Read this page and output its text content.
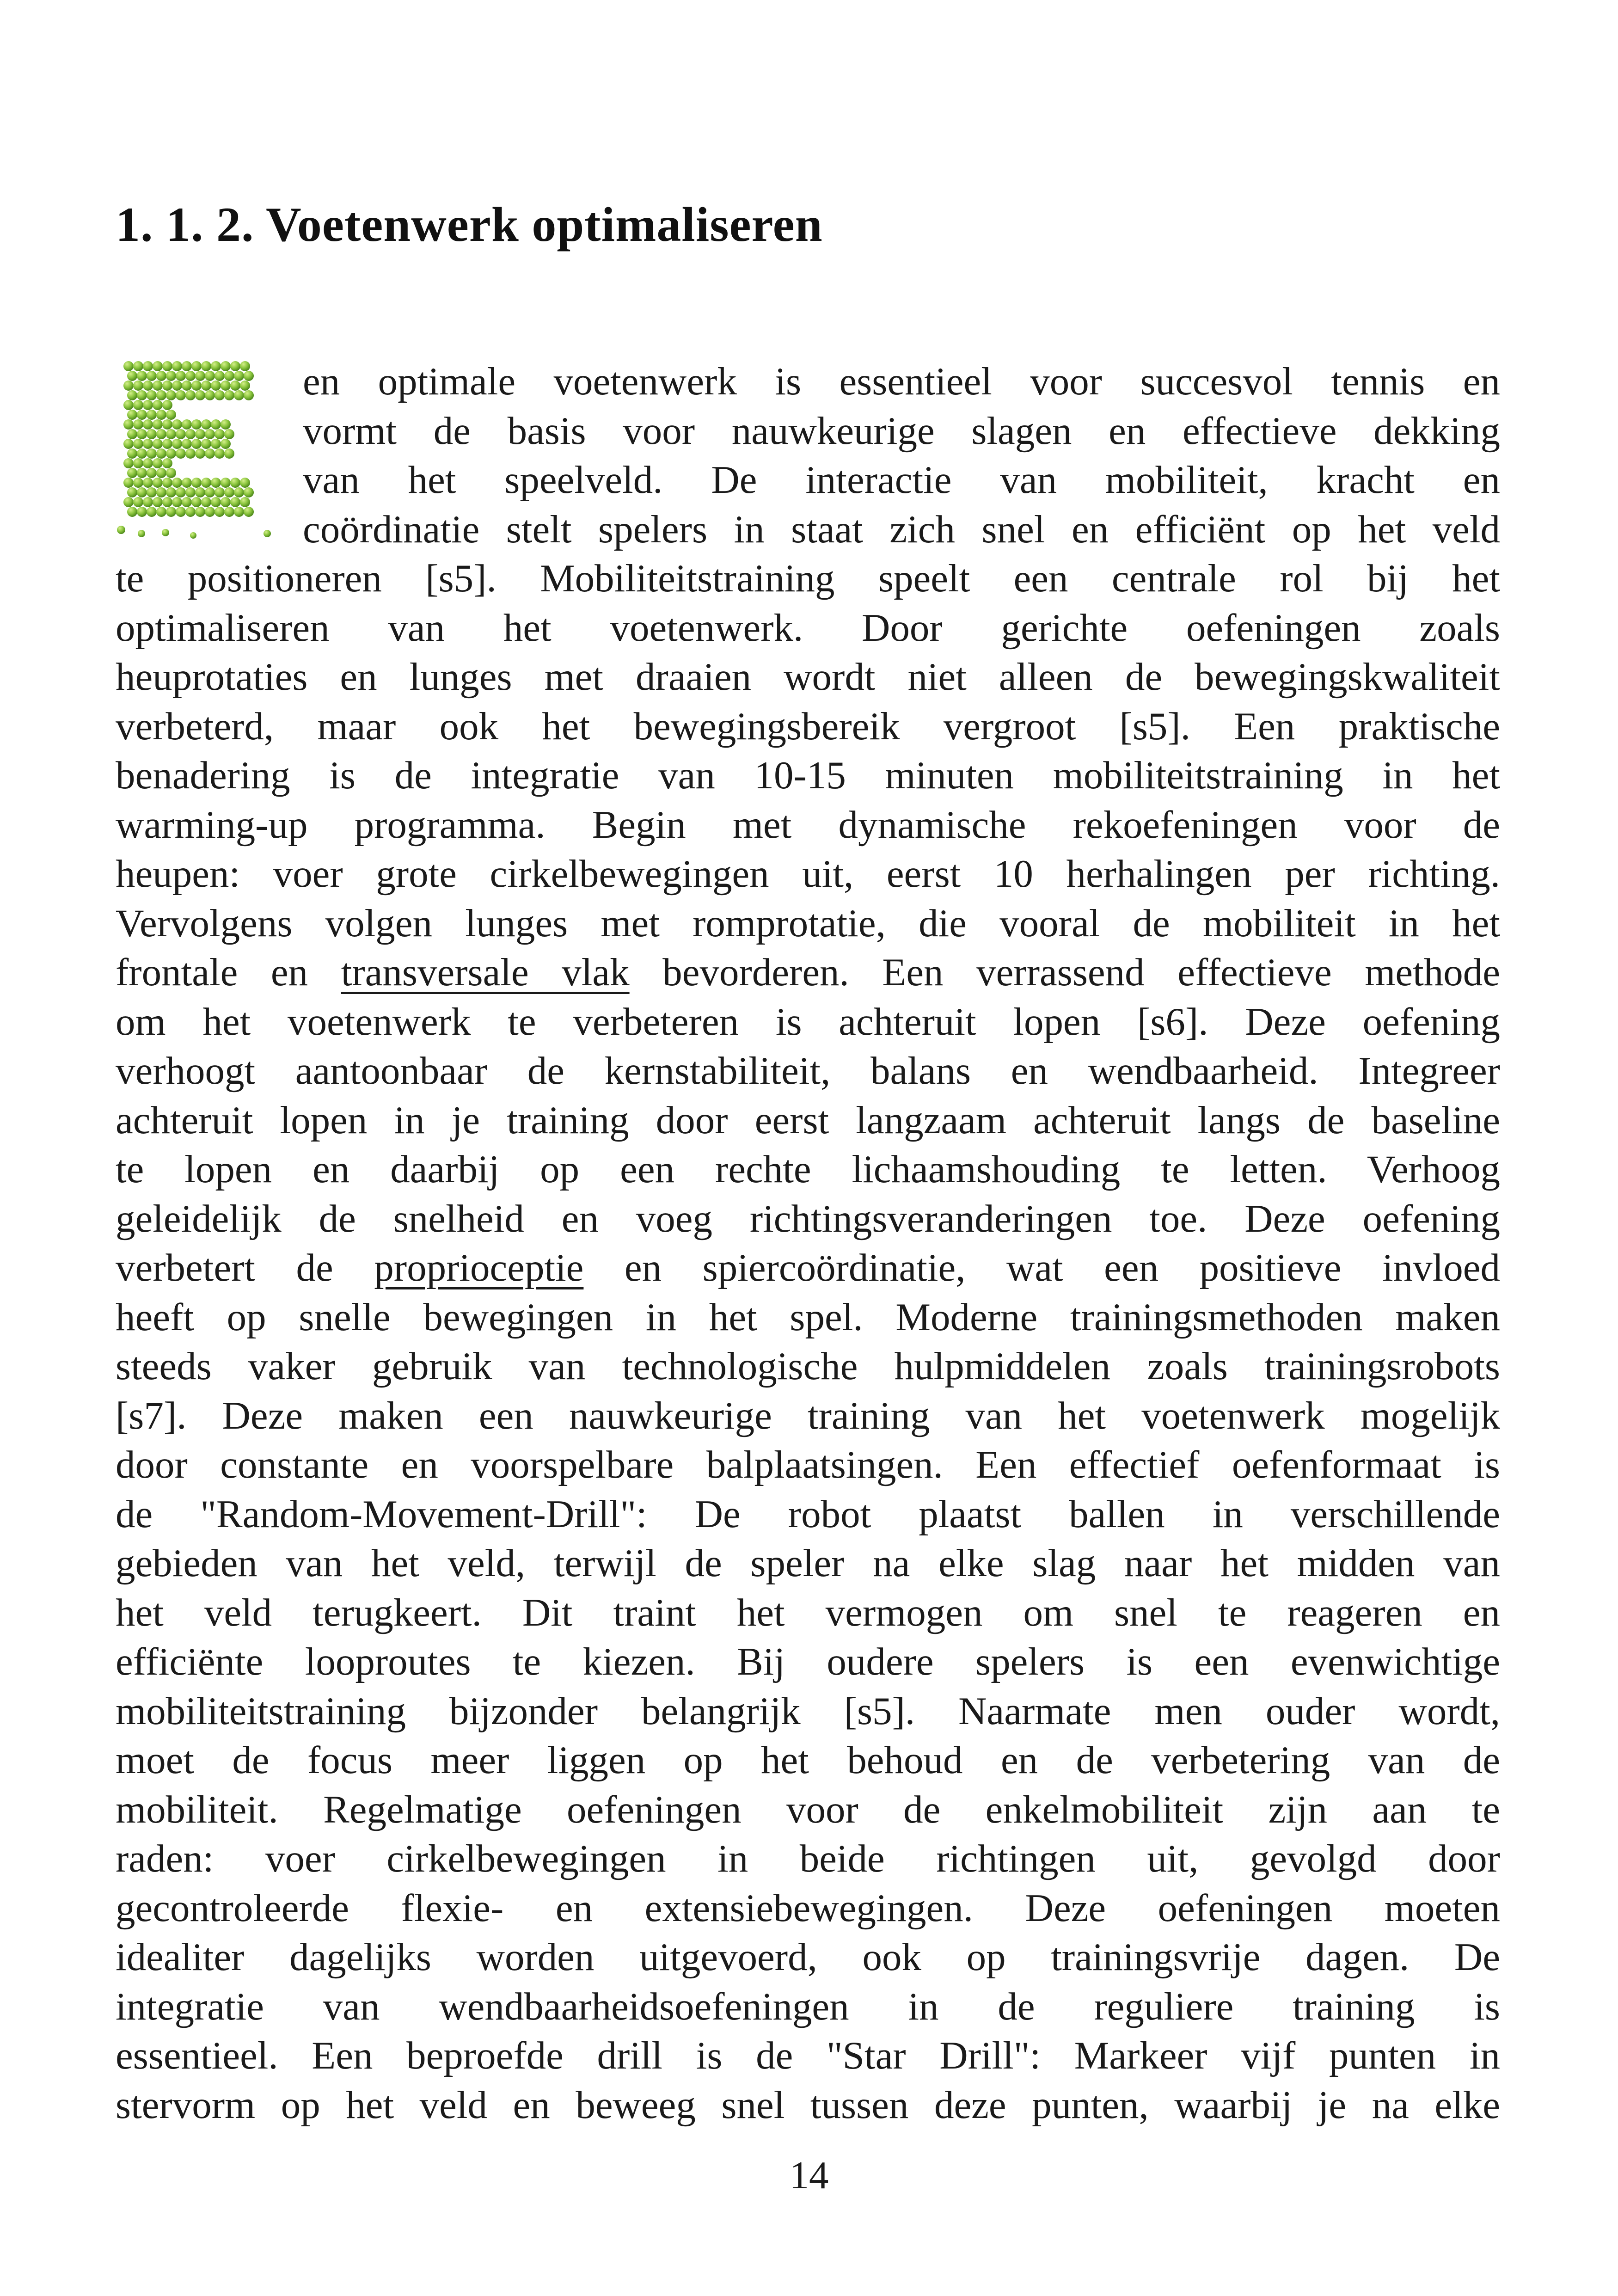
1. 1. 2. Voetenwerk optimaliseren
en optimale voetenwerk is essentieel voor succesvol tennis en
vormt de basis voor nauwkeurige slagen en effectieve dekking
van het speelveld. De interactie van mobiliteit, kracht en
coördinatie stelt spelers in staat zich snel en efficiënt op het veld
te positioneren [s5]. Mobiliteitstraining speelt een centrale rol bij het
optimaliseren van het voetenwerk. Door gerichte oefeningen zoals
heuprotaties en lunges met draaien wordt niet alleen de bewegingskwaliteit
verbeterd, maar ook het bewegingsbereik vergroot [s5]. Een praktische
benadering is de integratie van 10-15 minuten mobiliteitstraining in het
warming-up programma. Begin met dynamische rekoefeningen voor de
heupen: voer grote cirkelbewegingen uit, eerst 10 herhalingen per richting.
Vervolgens volgen lunges met romprotatie, die vooral de mobiliteit in het
frontale en transversale vlak bevorderen. Een verrassend effectieve methode
om het voetenwerk te verbeteren is achteruit lopen [s6]. Deze oefening
verhoogt aantoonbaar de kernstabiliteit, balans en wendbaarheid. Integreer
achteruit lopen in je training door eerst langzaam achteruit langs de baseline
te lopen en daarbij op een rechte lichaamshouding te letten. Verhoog
geleidelijk de snelheid en voeg richtingsveranderingen toe. Deze oefening
verbetert de proprioceptie en spiercoördinatie, wat een positieve invloed
heeft op snelle bewegingen in het spel. Moderne trainingsmethoden maken
steeds vaker gebruik van technologische hulpmiddelen zoals trainingsrobots
[s7]. Deze maken een nauwkeurige training van het voetenwerk mogelijk
door constante en voorspelbare balplaatsingen. Een effectief oefenformaat is
de "Random-Movement-Drill": De robot plaatst ballen in verschillende
gebieden van het veld, terwijl de speler na elke slag naar het midden van
het veld terugkeert. Dit traint het vermogen om snel te reageren en
efficiënte looproutes te kiezen. Bij oudere spelers is een evenwichtige
mobiliteitstraining bijzonder belangrijk [s5]. Naarmate men ouder wordt,
moet de focus meer liggen op het behoud en de verbetering van de
mobiliteit. Regelmatige oefeningen voor de enkelmobiliteit zijn aan te
raden: voer cirkelbewegingen in beide richtingen uit, gevolgd door
gecontroleerde flexie- en extensiebewegingen. Deze oefeningen moeten
idealiter dagelijks worden uitgevoerd, ook op trainingsvrije dagen. De
integratie van wendbaarheidsoefeningen in de reguliere training is
essentieel. Een beproefde drill is de "Star Drill": Markeer vijf punten in
stervorm op het veld en beweeg snel tussen deze punten, waarbij je na elke
14
